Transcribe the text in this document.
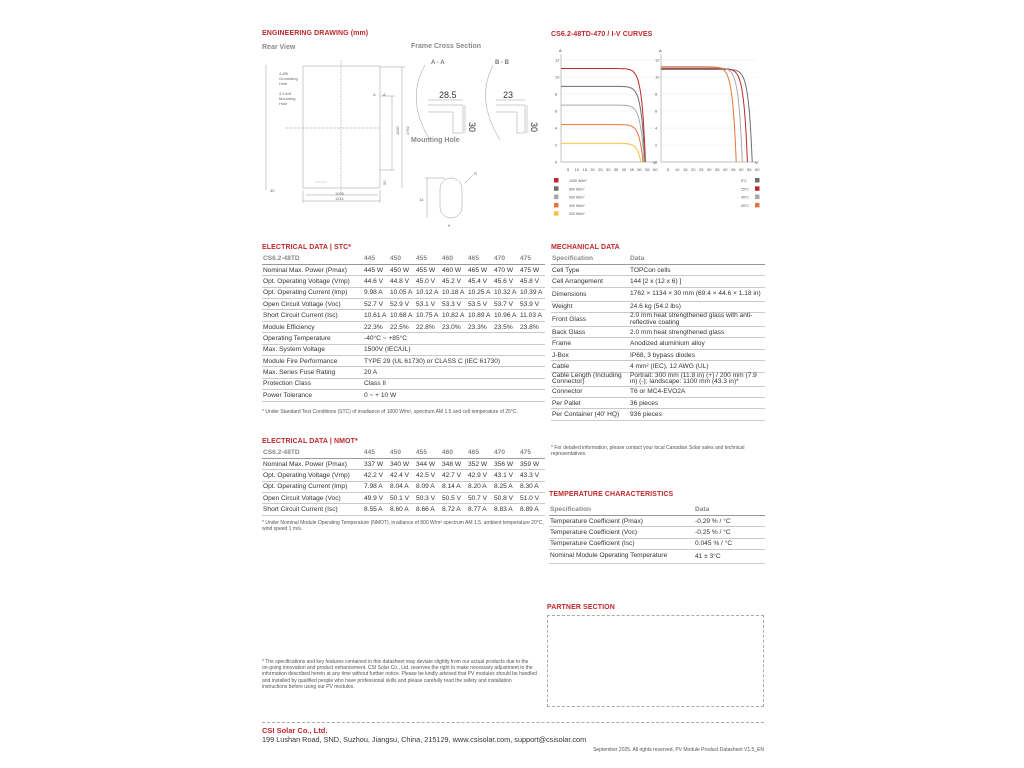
ENGINEERING DRAWING (mm)
Rear View	Frame Cross Section
Mounting Hole
4-Ø5
Grounding
Hole
4-14x9
Mounting
Hole
1096
1134
1100 1762
30
50
A A	28.5	23
30	30
A - A	B - B
R
14
9
CS6.2-48TD-470 / I-V CURVES
0
2
4
6
8
10
12
5 10 15 20 25 30 35 40 45 50 55 60
A
V
1000 W/m²
800 W/m²
600 W/m²
400 W/m²
200 W/m²
0
2
4
6
8
10
12
5 10 15 20 25 30 35 40 45 50 55 60
A
V
5°C
25°C
45°C
65°C
ELECTRICAL DATA | STC*
CS6.2-48TD	445	450	455	460	465	470	475
Nominal Max. Power (Pmax)	445 W	450 W	455 W	460 W	465 W	470 W	475 W
Opt. Operating Voltage (Vmp)	44.6 V	44.8 V	45.0 V	45.2 V	45.4 V	45.6 V	45.8 V
Opt. Operating Current (Imp)	9.98 A	10.05 A	10.12 A	10.18 A	10.25 A	10.32 A	10.39 A
Open Circuit Voltage (Voc)	52.7 V	52.9 V	53.1 V	53.3 V	53.5 V	53.7 V	53.9 V
Short Circuit Current (Isc)	10.61 A	10.68 A	10.75 A	10.82 A	10.89 A	10.96 A	11.03 A
Module Efficiency	22.3%	22.5%	22.8%	23.0%	23.3%	23.5%	23.8%
Operating Temperature	-40°C ~ +85°C						
Max. System Voltage	1500V (IEC/UL)						
Module Fire Performance	TYPE 29 (UL 61730) or CLASS C (IEC 61730)						
Max. Series Fuse Rating	20 A						
Protection Class	Class II						
Power Tolerance	0 ~ + 10 W						
* Under Standard Test Conditions (STC) of irradiance of 1000 W/m², spectrum AM 1.5 and cell temperature of 25°C.
ELECTRICAL DATA | NMOT*
CS6.2-48TD	445	450	455	460	465	470	475
Nominal Max. Power (Pmax)	337 W	340 W	344 W	348 W	352 W	356 W	359 W
Opt. Operating Voltage (Vmp)	42.2 V	42.4 V	42.5 V	42.7 V	42.9 V	43.1 V	43.3 V
Opt. Operating Current (Imp)	7.98 A	8.04 A	8.09 A	8.14 A	8.20 A	8.25 A	8.30 A
Open Circuit Voltage (Voc)	49.9 V	50.1 V	50.3 V	50.5 V	50.7 V	50.8 V	51.0 V
Short Circuit Current (Isc)	8.55 A	8.60 A	8.66 A	8.72 A	8.77 A	8.83 A	8.89 A
* Under Nominal Module Operating Temperature (NMOT), irradiance of 800 W/m² spectrum AM 1.5, ambient temperature 20°C, wind speed 1 m/s.
MECHANICAL DATA
Specification	Data
Cell Type	TOPCon cells
Cell Arrangement	144 [2 x (12 x 6) ]
Dimensions	1762 × 1134 × 30 mm (69.4 × 44.6 × 1.18 in)
Weight	24.6 kg (54.2 lbs)
Front Glass	2.0 mm heat strengthened glass with anti-reflective coating
Back Glass	2.0 mm heat strengthened glass
Frame	Anodized aluminium alloy
J-Box	IP68, 3 bypass diodes
Cable	4 mm² (IEC), 12 AWG (UL)
Cable Length (Including Connector)	Portrait: 300 mm (11.8 in) (+) / 200 mm (7.9 in) (-); landscape: 1100 mm (43.3 in)*
Connector	T6 or MC4-EVO2A
Per Pallet	36 pieces
Per Container (40' HQ)	936 pieces
* For detailed information, please contact your local Canadian Solar sales and technical representatives.
TEMPERATURE CHARACTERISTICS
Specification	Data
Temperature Coefficient (Pmax)	-0.29 % / °C
Temperature Coefficient (Voc)	-0.25 % / °C
Temperature Coefficient (Isc)	0.045 % / °C
Nominal Module Operating Temperature	41 ± 3°C
PARTNER SECTION
* The specifications and key features contained in this datasheet may deviate slightly from our actual products due to the on-going innovation and product enhancement. CSI Solar Co., Ltd. reserves the right to make necessary adjustment to the information described herein at any time without further notice. Please be kindly advised that PV modules should be handled and installed by qualified people who have professional skills and please carefully read the safety and installation instructions before using our PV modules.
CSI Solar Co., Ltd.
199 Lushan Road, SND, Suzhou, Jiangsu, China, 215129, www.csisolar.com, support@csisolar.com
September 2025. All rights reserved, PV Module Product Datasheet V1.5_EN
